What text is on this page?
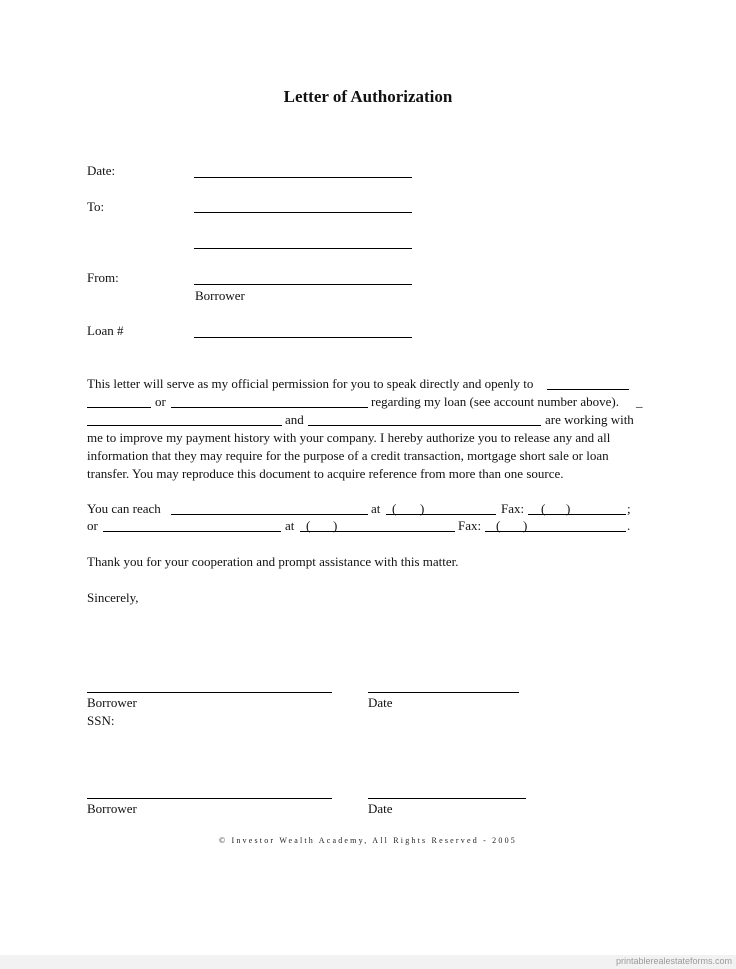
Letter of Authorization
Date:
To:
From:
Borrower
Loan #
This letter will serve as my official permission for you to speak directly and openly to
or	regarding my loan (see account number above). _
and	are working with
me to improve my payment history with your company. I hereby authorize you to release any and all
information that they may require for the purpose of a credit transaction, mortgage short sale or loan
transfer. You may reproduce this document to acquire reference from more than one source.
You can reach	at ( )	Fax: ( )	;
or	at ( )	Fax: ( )	.
Thank you for your cooperation and prompt assistance with this matter.
Sincerely,
Borrower	Date
SSN:
Borrower	Date
© Investor Wealth Academy, All Rights Reserved - 2005
printablerealestateforms.com
